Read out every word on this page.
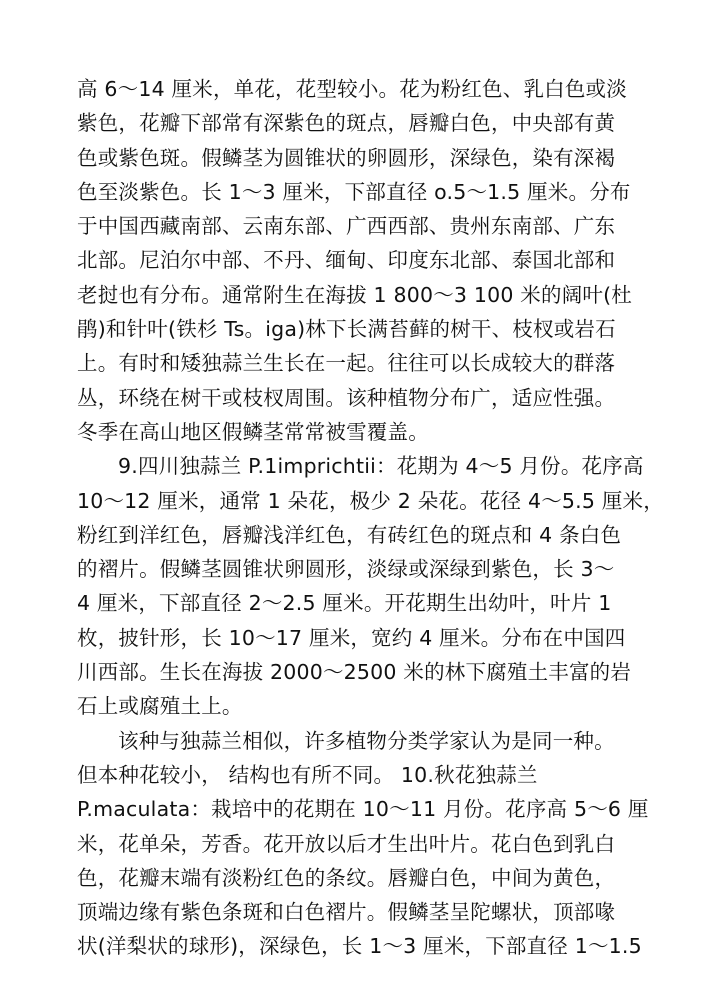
高 6～14 厘米，单花，花型较小。花为粉红色、乳白色或淡
紫色，花瓣下部常有深紫色的斑点，唇瓣白色，中央部有黄
色或紫色斑。假鳞茎为圆锥状的卵圆形，深绿色，染有深褐
色至淡紫色。长 1～3 厘米，下部直径 o.5～1.5 厘米。分布
于中国西藏南部、云南东部、广西西部、贵州东南部、广东
北部。尼泊尔中部、不丹、缅甸、印度东北部、泰国北部和
老挝也有分布。通常附生在海拔 1 800～3 100 米的阔叶(杜
鹃)和针叶(铁杉 Ts。iga)林下长满苔藓的树干、枝杈或岩石
上。有时和矮独蒜兰生长在一起。往往可以长成较大的群落
丛，环绕在树干或枝杈周围。该种植物分布广，适应性强。
冬季在高山地区假鳞茎常常被雪覆盖。
9.四川独蒜兰 P.1imprichtii：花期为 4～5 月份。花序高
10～12 厘米，通常 1 朵花，极少 2 朵花。花径 4～5.5 厘米，
粉红到洋红色，唇瓣浅洋红色，有砖红色的斑点和 4 条白色
的褶片。假鳞茎圆锥状卵圆形，淡绿或深绿到紫色，长 3～
4 厘米，下部直径 2～2.5 厘米。开花期生出幼叶，叶片 1
枚，披针形，长 10～17 厘米，宽约 4 厘米。分布在中国四
川西部。生长在海拔 2000～2500 米的林下腐殖土丰富的岩
石上或腐殖土上。
该种与独蒜兰相似，许多植物分类学家认为是同一种。
但本种花较小， 结构也有所不同。 10.秋花独蒜兰
P.maculata：栽培中的花期在 10～11 月份。花序高 5～6 厘
米，花单朵，芳香。花开放以后才生出叶片。花白色到乳白
色，花瓣末端有淡粉红色的条纹。唇瓣白色，中间为黄色，
顶端边缘有紫色条斑和白色褶片。假鳞茎呈陀螺状，顶部喙
状(洋梨状的球形)，深绿色，长 1～3 厘米，下部直径 1～1.5
